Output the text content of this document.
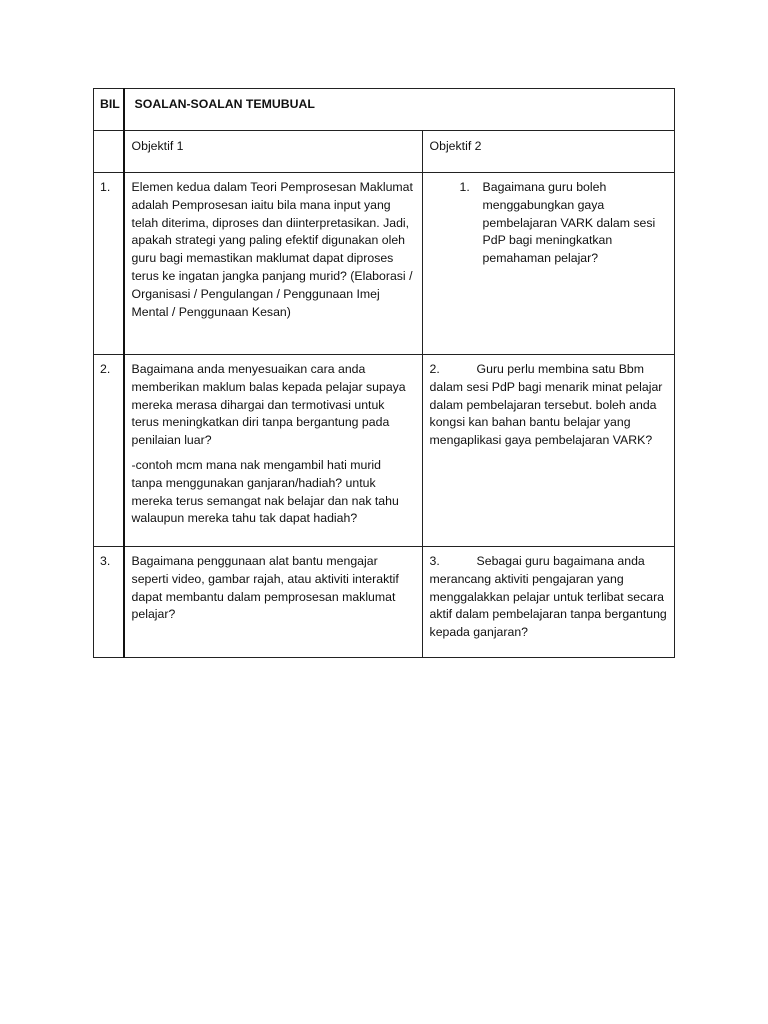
BIL	SOALAN-SOALAN TEMUBUAL	
	Objektif 1	Objektif 2
1.	Elemen kedua dalam Teori Pemprosesan Maklumat adalah Pemprosesan iaitu bila mana input yang telah diterima, diproses dan diinterpretasikan. Jadi, apakah strategi yang paling efektif digunakan oleh guru bagi memastikan maklumat dapat diproses terus ke ingatan jangka panjang murid? (Elaborasi / Organisasi / Pengulangan / Penggunaan Imej Mental / Penggunaan Kesan)	1. Bagaimana guru boleh menggabungkan gaya pembelajaran VARK dalam sesi PdP bagi meningkatkan pemahaman pelajar?

2.	Bagaimana anda menyesuaikan cara anda memberikan maklum balas kepada pelajar supaya mereka merasa dihargai dan termotivasi untuk terus meningkatkan diri tanpa bergantung pada penilaian luar?

-contoh mcm mana nak mengambil hati murid tanpa menggunakan ganjaran/hadiah? untuk mereka terus semangat nak belajar dan nak tahu walaupun mereka tahu tak dapat hadiah?	2. Guru perlu membina satu Bbm dalam sesi PdP bagi menarik minat pelajar dalam pembelajaran tersebut. boleh anda kongsi kan bahan bantu belajar yang mengaplikasi gaya pembelajaran VARK?
3.	Bagaimana penggunaan alat bantu mengajar seperti video, gambar rajah, atau aktiviti interaktif dapat membantu dalam pemprosesan maklumat pelajar?	3. Sebagai guru bagaimana anda merancang aktiviti pengajaran yang menggalakkan pelajar untuk terlibat secara aktif dalam pembelajaran tanpa bergantung kepada ganjaran?
